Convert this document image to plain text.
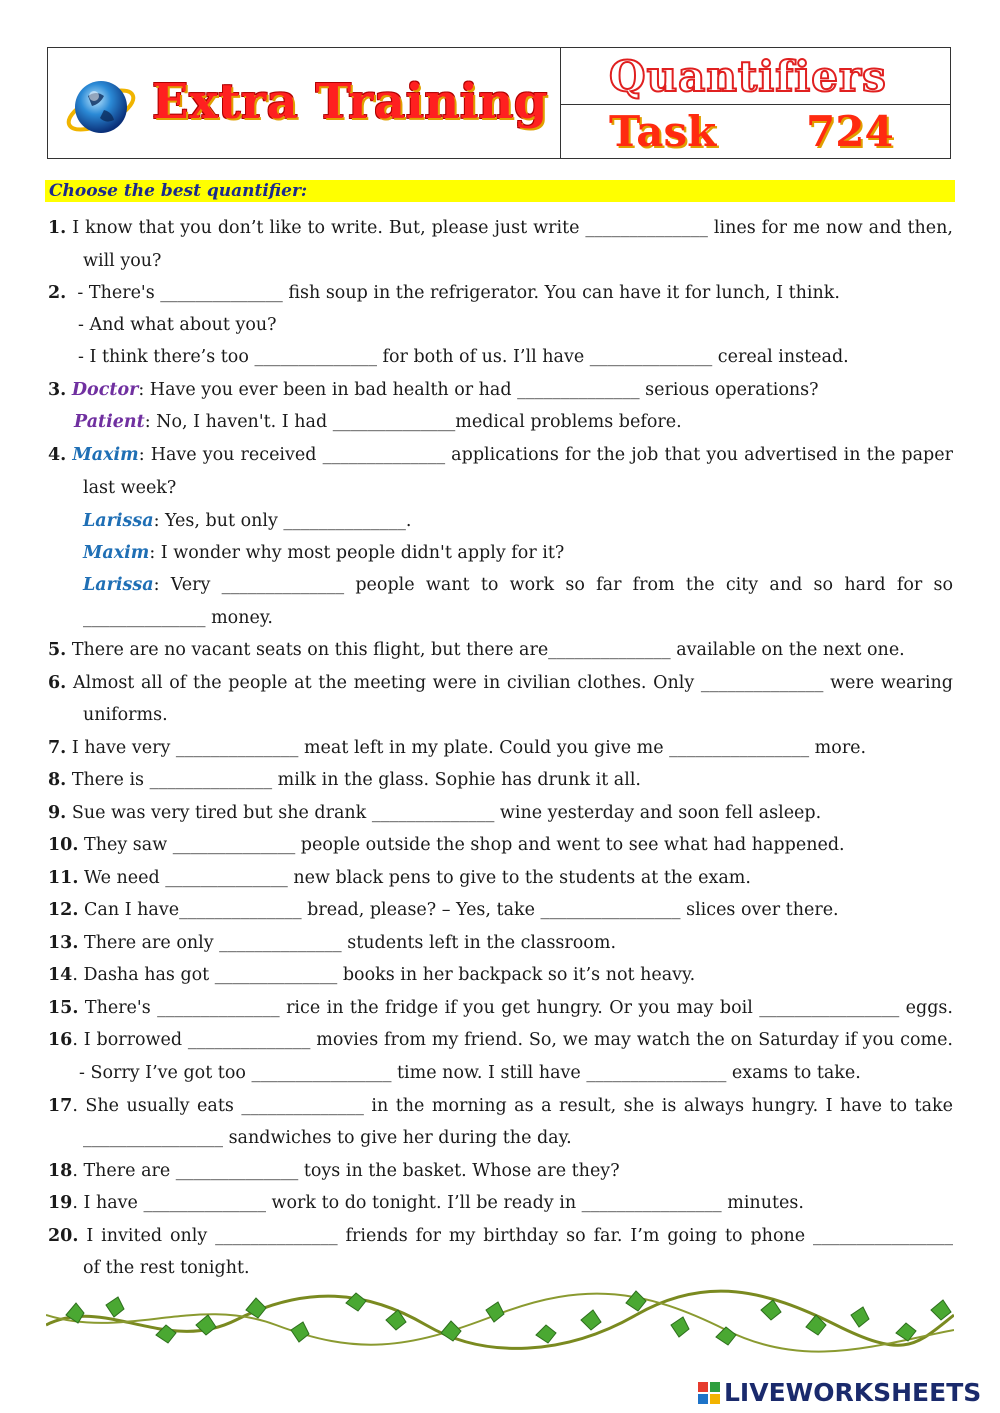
Extra Training Quantifiers
Task 724
Choose the best quantifier:
1. I know that you don’t like to write. But, please just write ______________ lines for me now and then,
will you?
2. - There's ______________ fish soup in the refrigerator. You can have it for lunch, I think.
- And what about you?
- I think there’s too ______________ for both of us. I’ll have ______________ cereal instead.
3. Doctor: Have you ever been in bad health or had ______________ serious operations?
Patient: No, I haven't. I had ______________medical problems before.
4. Maxim: Have you received ______________ applications for the job that you advertised in the paper
last week?
Larissa: Yes, but only ______________.
Maxim: I wonder why most people didn't apply for it?
Larissa: Very ______________ people want to work so far from the city and so hard for so
______________ money.
5. There are no vacant seats on this flight, but there are______________ available on the next one.
6. Almost all of the people at the meeting were in civilian clothes. Only ______________ were wearing
uniforms.
7. I have very ______________ meat left in my plate. Could you give me ________________ more.
8. There is ______________ milk in the glass. Sophie has drunk it all.
9. Sue was very tired but she drank ______________ wine yesterday and soon fell asleep.
10. They saw ______________ people outside the shop and went to see what had happened.
11. We need ______________ new black pens to give to the students at the exam.
12. Can I have______________ bread, please? – Yes, take ________________ slices over there.
13. There are only ______________ students left in the classroom.
14. Dasha has got ______________ books in her backpack so it’s not heavy.
15. There's ______________ rice in the fridge if you get hungry. Or you may boil ________________ eggs.
16. I borrowed ______________ movies from my friend. So, we may watch the on Saturday if you come.
- Sorry I’ve got too ________________ time now. I still have ________________ exams to take.
17. She usually eats ______________ in the morning as a result, she is always hungry. I have to take
________________ sandwiches to give her during the day.
18. There are ______________ toys in the basket. Whose are they?
19. I have ______________ work to do tonight. I’ll be ready in ________________ minutes.
20. I invited only ______________ friends for my birthday so far. I’m going to phone ________________
of the rest tonight.
LIVEWORKSHEETS
